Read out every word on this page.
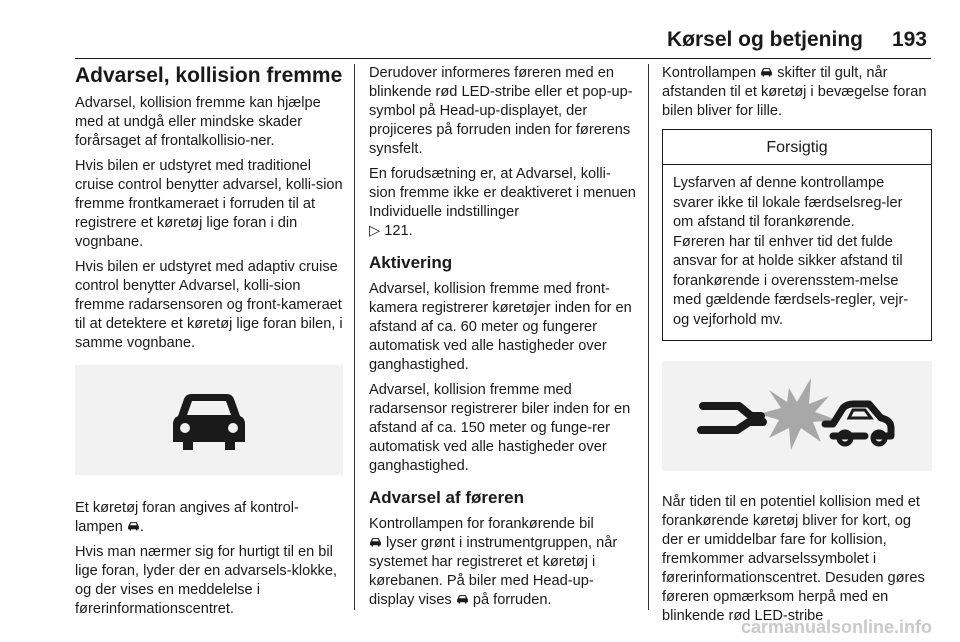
Kørsel og betjening 193
Advarsel, kollision fremme

Advarsel, kollision fremme kan hjælpe med at undgå eller mindske skader forårsaget af frontalkollisio-ner.

Hvis bilen er udstyret med traditionel cruise control benytter advarsel, kolli-sion fremme frontkameraet i forruden til at registrere et køretøj lige foran i din vognbane.

Hvis bilen er udstyret med adaptiv cruise control benytter Advarsel, kolli-sion fremme radarsensoren og front-kameraet til at detektere et køretøj lige foran bilen, i samme vognbane.

Et køretøj foran angives af kontrol-lampen .

Hvis man nærmer sig for hurtigt til en bil lige foran, lyder der en advarsels-klokke, og der vises en meddelelse i førerinformationscentret.

Derudover informeres føreren med en blinkende rød LED-stribe eller et pop-up-symbol på Head-up-displayet, der projiceres på forruden inden for førerens synsfelt.

En forudsætning er, at Advarsel, kolli-sion fremme ikke er deaktiveret i menuen Individuelle indstillinger
▷ 121.

Aktivering

Advarsel, kollision fremme med front-kamera registrerer køretøjer inden for en afstand af ca. 60 meter og fungerer automatisk ved alle hastigheder over ganghastighed.

Advarsel, kollision fremme med radarsensor registrerer biler inden for en afstand af ca. 150 meter og funge-rer automatisk ved alle hastigheder over ganghastighed.

Advarsel af føreren

Kontrollampen for forankørende bil
lyser grønt i instrumentgruppen, når systemet har registreret et køretøj i kørebanen. På biler med Head-up-display vises  på forruden.

Kontrollampen  skifter til gult, når afstanden til et køretøj i bevægelse foran bilen bliver for lille.

Forsigtig
Lysfarven af denne kontrollampe svarer ikke til lokale færdselsreg-ler om afstand til forankørende.
Føreren har til enhver tid det fulde ansvar for at holde sikker afstand til forankørende i overensstem-melse med gældende færdsels-regler, vejr- og vejforhold mv.

Når tiden til en potentiel kollision med et forankørende køretøj bliver for kort, og der er umiddelbar fare for kollision, fremkommer advarselssymbolet i førerinformationscentret. Desuden gøres føreren opmærksom herpå med en blinkende rød LED-stribe

carmanualsonline.info
